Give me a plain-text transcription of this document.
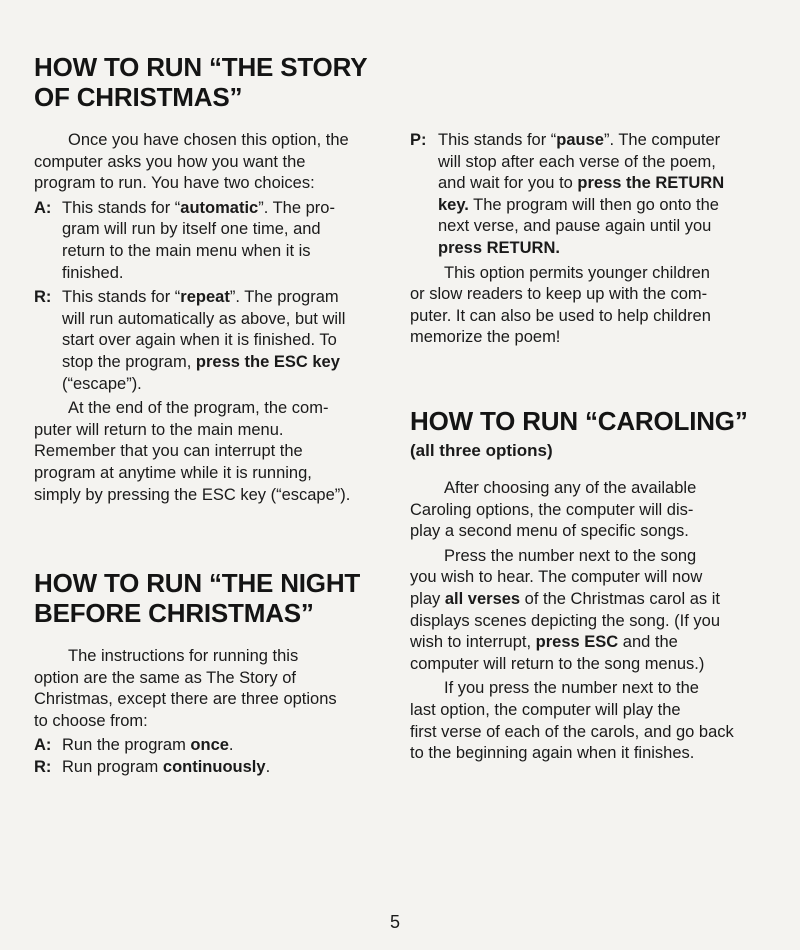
HOW TO RUN “THE STORY
OF CHRISTMAS”

Once you have chosen this option, the
computer asks you how you want the
program to run. You have two choices:

A: This stands for “automatic”. The pro-
gram will run by itself one time, and
return to the main menu when it is
finished.

R: This stands for “repeat”. The program
will run automatically as above, but will
start over again when it is finished. To
stop the program, press the ESC key
(“escape”).

At the end of the program, the com-
puter will return to the main menu.
Remember that you can interrupt the
program at anytime while it is running,
simply by pressing the ESC key (“escape”).

HOW TO RUN “THE NIGHT
BEFORE CHRISTMAS”

The instructions for running this
option are the same as The Story of
Christmas, except there are three options
to choose from:

A: Run the program once.

R: Run program continuously.

P: This stands for “pause”. The computer
will stop after each verse of the poem,
and wait for you to press the RETURN
key. The program will then go onto the
next verse, and pause again until you
press RETURN.

This option permits younger children
or slow readers to keep up with the com-
puter. It can also be used to help children
memorize the poem!

HOW TO RUN “CAROLING”
(all three options)

After choosing any of the available
Caroling options, the computer will dis-
play a second menu of specific songs.

Press the number next to the song
you wish to hear. The computer will now
play all verses of the Christmas carol as it
displays scenes depicting the song. (If you
wish to interrupt, press ESC and the
computer will return to the song menus.)

If you press the number next to the
last option, the computer will play the
first verse of each of the carols, and go back
to the beginning again when it finishes.

5
